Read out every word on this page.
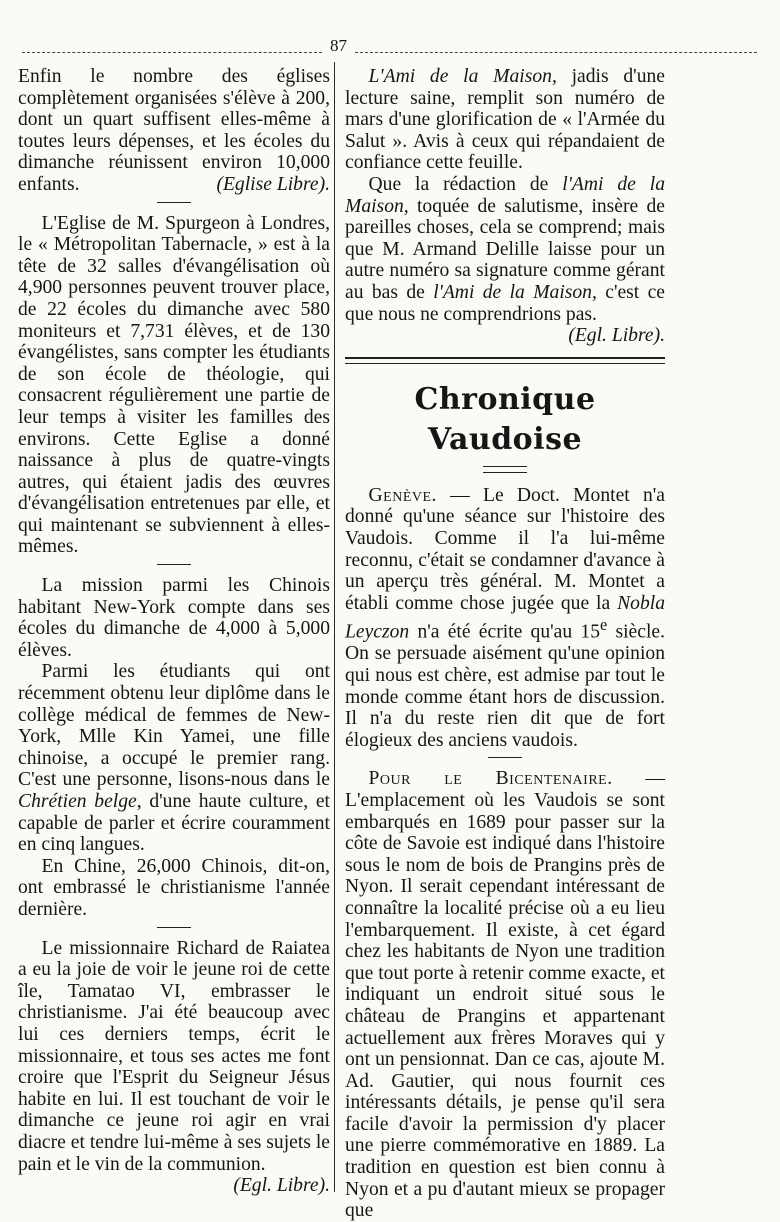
87

Enfin le nombre des églises complètement organisées s'élève à 200, dont un quart suffisent elles-même à toutes leurs dépenses, et les écoles du dimanche réunissent environ 10,000 enfants.	(Eglise Libre).

L'Eglise de M. Spurgeon à Londres, le « Métropolitan Tabernacle, » est à la tête de 32 salles d'évangélisation où 4,900 personnes peuvent trouver place, de 22 écoles du dimanche avec 580 moniteurs et 7,731 élèves, et de 130 évangélistes, sans compter les étudiants de son école de théologie, qui consacrent régulièrement une partie de leur temps à visiter les familles des environs. Cette Eglise a donné naissance à plus de quatre-vingts autres, qui étaient jadis des œuvres d'évangélisation entretenues par elle, et qui maintenant se subviennent à elles-mêmes.

La mission parmi les Chinois habitant New-York compte dans ses écoles du dimanche de 4,000 à 5,000 élèves.

Parmi les étudiants qui ont récemment obtenu leur diplôme dans le collège médical de femmes de New-York, Mlle Kin Yamei, une fille chinoise, a occupé le premier rang. C'est une personne, lisons-nous dans le Chrétien belge, d'une haute culture, et capable de parler et écrire couramment en cinq langues.

En Chine, 26,000 Chinois, dit-on, ont embrassé le christianisme l'année dernière.

Le missionnaire Richard de Raiatea a eu la joie de voir le jeune roi de cette île, Tamatao VI, embrasser le christianisme. J'ai été beaucoup avec lui ces derniers temps, écrit le missionnaire, et tous ses actes me font croire que l'Esprit du Seigneur Jésus habite en lui. Il est touchant de voir le dimanche ce jeune roi agir en vrai diacre et tendre lui-même à ses sujets le pain et le vin de la communion.
(Egl. Libre).

L'Ami de la Maison, jadis d'une lecture saine, remplit son numéro de mars d'une glorification de « l'Armée du Salut ». Avis à ceux qui répandaient de confiance cette feuille.

Que la rédaction de l'Ami de la Maison, toquée de salutisme, insère de pareilles choses, cela se comprend; mais que M. Armand Delille laisse pour un autre numéro sa signature comme gérant au bas de l'Ami de la Maison, c'est ce que nous ne comprendrions pas.
(Egl. Libre).

Chronique Vaudoise

Genève. — Le Doct. Montet n'a donné qu'une séance sur l'histoire des Vaudois. Comme il l'a lui-même reconnu, c'était se condamner d'avance à un aperçu très général. M. Montet a établi comme chose jugée que la Nobla Leyczon n'a été écrite qu'au 15e siècle. On se persuade aisément qu'une opinion qui nous est chère, est admise par tout le monde comme étant hors de discussion. Il n'a du reste rien dit que de fort élogieux des anciens vaudois.

Pour le Bicentenaire. — L'emplacement où les Vaudois se sont embarqués en 1689 pour passer sur la côte de Savoie est indiqué dans l'histoire sous le nom de bois de Prangins près de Nyon. Il serait cependant intéressant de connaître la localité précise où a eu lieu l'embarquement. Il existe, à cet égard chez les habitants de Nyon une tradition que tout porte à retenir comme exacte, et indiquant un endroit situé sous le château de Prangins et appartenant actuellement aux frères Moraves qui y ont un pensionnat. Dan ce cas, ajoute M. Ad. Gautier, qui nous fournit ces intéressants détails, je pense qu'il sera facile d'avoir la permission d'y placer une pierre commémorative en 1889. La tradition en question est bien connu à Nyon et a pu d'autant mieux se propager que
